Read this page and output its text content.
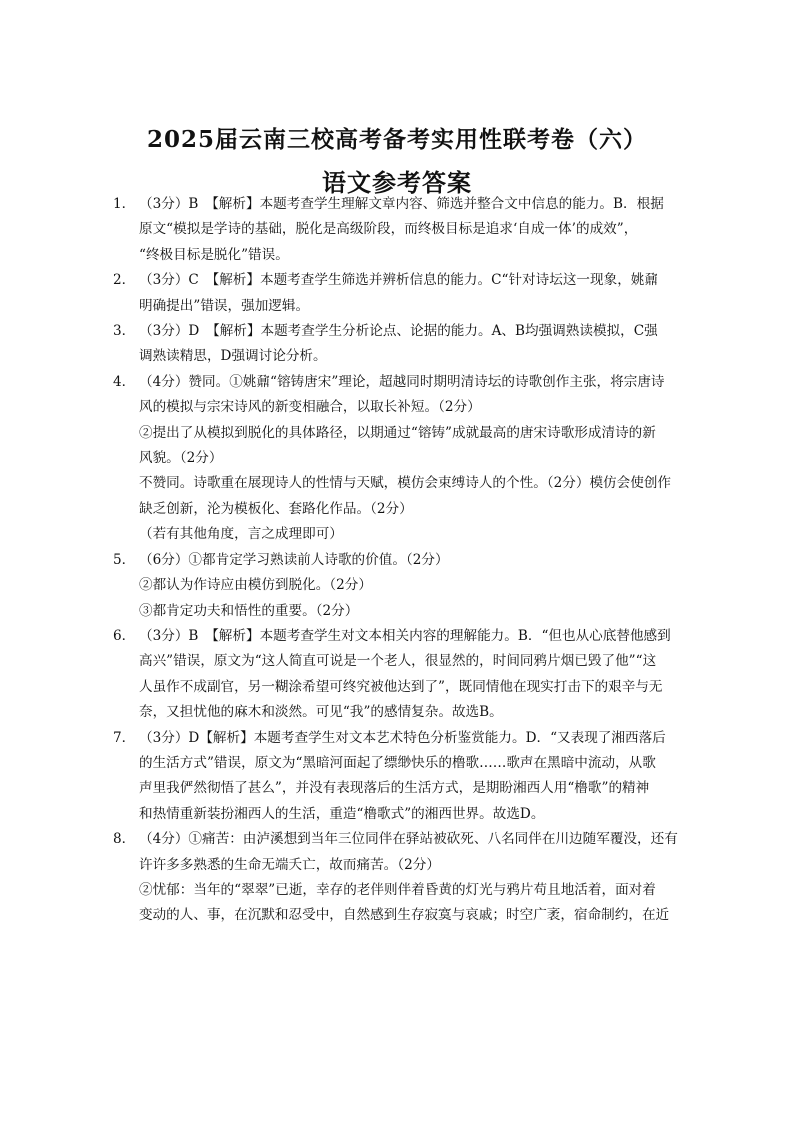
2025届云南三校高考备考实用性联考卷（六）
语文参考答案
1． （3分）B　【解析】本题考查学生理解文章内容、筛选并整合文中信息的能力。B．根据
原文“模拟是学诗的基础，脱化是高级阶段，而终极目标是追求‘自成一体’的成效”，
“终极目标是脱化”错误。
2． （3分）C　【解析】本题考查学生筛选并辨析信息的能力。C“针对诗坛这一现象，姚鼐
明确提出”错误，强加逻辑。
3． （3分）D　【解析】本题考查学生分析论点、论据的能力。A、B均强调熟读模拟，C强
调熟读精思，D强调讨论分析。
4． （4分）赞同。①姚鼐“镕铸唐宋”理论，超越同时期明清诗坛的诗歌创作主张，将宗唐诗
风的模拟与宗宋诗风的新变相融合，以取长补短。（2分）
②提出了从模拟到脱化的具体路径，以期通过“镕铸”成就最高的唐宋诗歌形成清诗的新
风貌。（2分）
不赞同。诗歌重在展现诗人的性情与天赋，模仿会束缚诗人的个性。（2分）模仿会使创作
缺乏创新，沦为模板化、套路化作品。（2分）
（若有其他角度，言之成理即可）
5． （6分）①都肯定学习熟读前人诗歌的价值。（2分）
②都认为作诗应由模仿到脱化。（2分）
③都肯定功夫和悟性的重要。（2分）
6． （3分）B　【解析】本题考查学生对文本相关内容的理解能力。B．“但也从心底替他感到
高兴”错误，原文为“这人简直可说是一个老人，很显然的，时间同鸦片烟已毁了他”“这
人虽作不成副官，另一糊涂希望可终究被他达到了”，既同情他在现实打击下的艰辛与无
奈，又担忧他的麻木和淡然。可见“我”的感情复杂。故选B。
7． （3分）D【解析】本题考查学生对文本艺术特色分析鉴赏能力。D．“又表现了湘西落后
的生活方式”错误，原文为“黑暗河面起了缥缈快乐的橹歌……歌声在黑暗中流动，从歌
声里我俨然彻悟了甚么”，并没有表现落后的生活方式，是期盼湘西人用“橹歌”的精神
和热情重新装扮湘西人的生活，重造“橹歌式”的湘西世界。故选D。
8． （4分）①痛苦：由泸溪想到当年三位同伴在驿站被砍死、八名同伴在川边随军覆没，还有
许许多多熟悉的生命无端夭亡，故而痛苦。（2分）
②忧郁：当年的“翠翠”已逝，幸存的老伴则伴着昏黄的灯光与鸦片苟且地活着，面对着
变动的人、事，在沉默和忍受中，自然感到生存寂寞与哀戚；时空广袤，宿命制约，在近
